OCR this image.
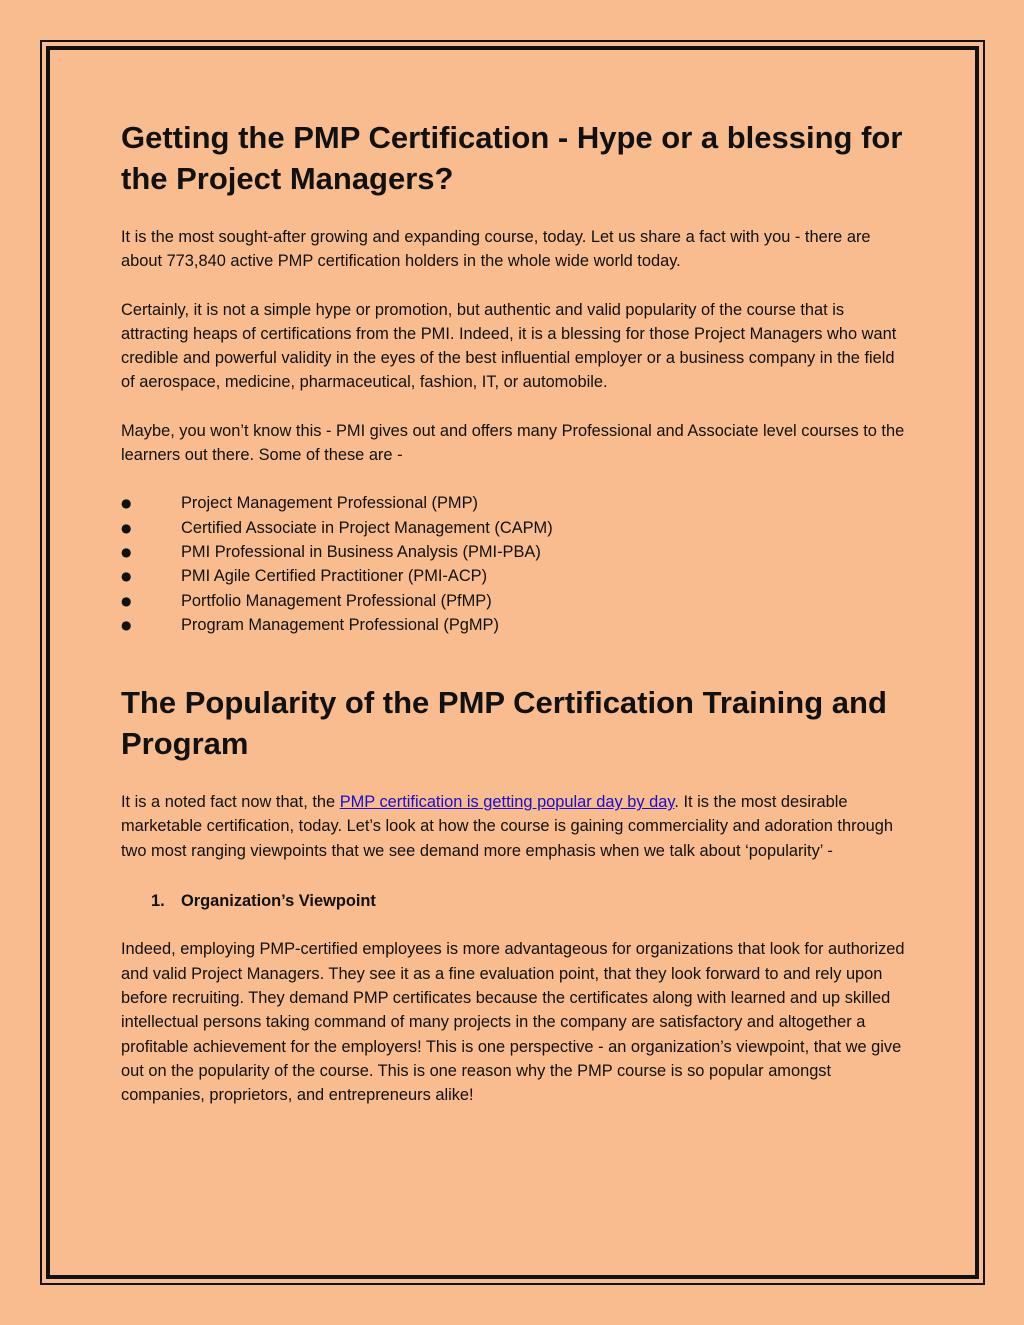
Getting the PMP Certification - Hype or a blessing for the Project Managers?

It is the most sought-after growing and expanding course, today. Let us share a fact with you - there are about 773,840 active PMP certification holders in the whole wide world today.

Certainly, it is not a simple hype or promotion, but authentic and valid popularity of the course that is attracting heaps of certifications from the PMI. Indeed, it is a blessing for those Project Managers who want credible and powerful validity in the eyes of the best influential employer or a business company in the field of aerospace, medicine, pharmaceutical, fashion, IT, or automobile.

Maybe, you won’t know this - PMI gives out and offers many Professional and Associate level courses to the learners out there. Some of these are -

●	Project Management Professional (PMP)
●	Certified Associate in Project Management (CAPM)
●	PMI Professional in Business Analysis (PMI-PBA)
●	PMI Agile Certified Practitioner (PMI-ACP)
●	Portfolio Management Professional (PfMP)
●	Program Management Professional (PgMP)
The Popularity of the PMP Certification Training and Program

It is a noted fact now that, the PMP certification is getting popular day by day. It is the most desirable marketable certification, today. Let’s look at how the course is gaining commerciality and adoration through two most ranging viewpoints that we see demand more emphasis when we talk about ‘popularity’ -

1. Organization’s Viewpoint

Indeed, employing PMP-certified employees is more advantageous for organizations that look for authorized and valid Project Managers. They see it as a fine evaluation point, that they look forward to and rely upon before recruiting. They demand PMP certificates because the certificates along with learned and up skilled intellectual persons taking command of many projects in the company are satisfactory and altogether a profitable achievement for the employers! This is one perspective - an organization’s viewpoint, that we give out on the popularity of the course. This is one reason why the PMP course is so popular amongst companies, proprietors, and entrepreneurs alike!
